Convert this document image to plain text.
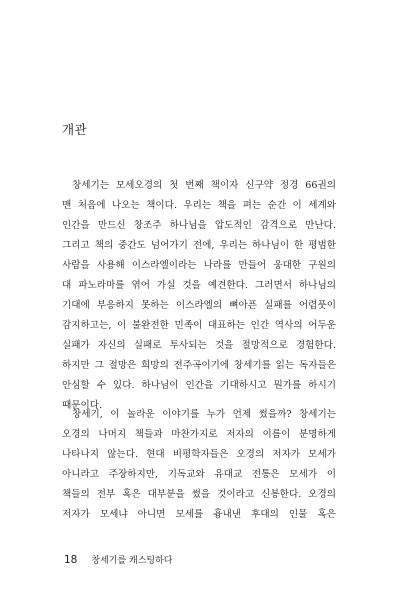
개관
창세기는 모세오경의 첫 번째 책이자 신구약 정경 66권의
맨 처음에 나오는 책이다. 우리는 책을 펴는 순간 이 세계와
인간을 만드신 창조주 하나님을 압도적인 감격으로 만난다.
그리고 책의 중간도 넘어가기 전에, 우리는 하나님이 한 평범한
사람을 사용해 이스라엘이라는 나라를 만들어 웅대한 구원의
대 파노라마를 엮어 가실 것을 예견한다. 그러면서 하나님의
기대에 부응하지 못하는 이스라엘의 뼈아픈 실패를 어렴풋이
감지하고는, 이 불완전한 민족이 대표하는 인간 역사의 어두운
실패가 자신의 실패로 투사되는 것을 절망적으로 경험한다.
하지만 그 절망은 희망의 전주곡이기에 창세기를 읽는 독자들은
안심할 수 있다. 하나님이 인간을 기대하시고 뭔가를 하시기
때문이다.
창세기, 이 놀라운 이야기를 누가 언제 썼을까? 창세기는
오경의 나머지 책들과 마찬가지로 저자의 이름이 분명하게
나타나지 않는다. 현대 비평학자들은 오경의 저자가 모세가
아니라고 주장하지만, 기독교와 유대교 전통은 모세가 이
책들의 전부 혹은 대부분을 썼을 것이라고 신봉한다. 오경의
저자가 모세냐 아니면 모세를 흉내낸 후대의 인물 혹은
18 창세기를 캐스팅하다
